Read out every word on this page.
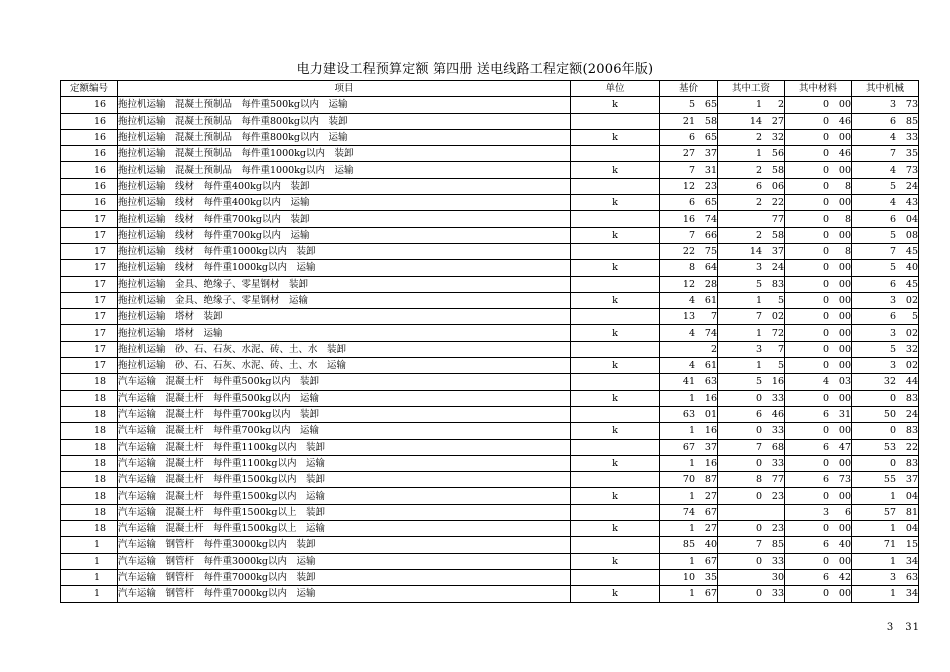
电力建设工程预算定额 第四册 送电线路工程定额(2006年版)
定额编号	项目	单位	基价	其中工资	其中材料	其中机械
16	拖拉机运输　混凝土预制品　每件重500kg以内　运输	k	5 65	1 2	0 00	3 73
16	拖拉机运输　混凝土预制品　每件重800kg以内　装卸		21 58	14 27	0 46	6 85
16	拖拉机运输　混凝土预制品　每件重800kg以内　运输	k	6 65	2 32	0 00	4 33
16	拖拉机运输　混凝土预制品　每件重1000kg以内　装卸		27 37	1 56	0 46	7 35
16	拖拉机运输　混凝土预制品　每件重1000kg以内　运输	k	7 31	2 58	0 00	4 73
16	拖拉机运输　线材　每件重400kg以内　装卸		12 23	6 06	0 8	5 24
16	拖拉机运输　线材　每件重400kg以内　运输	k	6 65	2 22	0 00	4 43
17	拖拉机运输　线材　每件重700kg以内　装卸		16 74	77	0 8	6 04
17	拖拉机运输　线材　每件重700kg以内　运输	k	7 66	2 58	0 00	5 08
17	拖拉机运输　线材　每件重1000kg以内　装卸		22 75	14 37	0 8	7 45
17	拖拉机运输　线材　每件重1000kg以内　运输	k	8 64	3 24	0 00	5 40
17	拖拉机运输　金具、绝缘子、零星钢材　装卸		12 28	5 83	0 00	6 45
17	拖拉机运输　金具、绝缘子、零星钢材　运输	k	4 61	1 5	0 00	3 02
17	拖拉机运输　塔材　装卸		13 7	7 02	0 00	6 5
17	拖拉机运输　塔材　运输	k	4 74	1 72	0 00	3 02
17	拖拉机运输　砂、石、石灰、水泥、砖、土、水　装卸		2	3 7	0 00	5 32
17	拖拉机运输　砂、石、石灰、水泥、砖、土、水　运输	k	4 61	1 5	0 00	3 02
18	汽车运输　混凝土杆　每件重500kg以内　装卸		41 63	5 16	4 03	32 44
18	汽车运输　混凝土杆　每件重500kg以内　运输	k	1 16	0 33	0 00	0 83
18	汽车运输　混凝土杆　每件重700kg以内　装卸		63 01	6 46	6 31	50 24
18	汽车运输　混凝土杆　每件重700kg以内　运输	k	1 16	0 33	0 00	0 83
18	汽车运输　混凝土杆　每件重1100kg以内　装卸		67 37	7 68	6 47	53 22
18	汽车运输　混凝土杆　每件重1100kg以内　运输	k	1 16	0 33	0 00	0 83
18	汽车运输　混凝土杆　每件重1500kg以内　装卸		70 87	8 77	6 73	55 37
18	汽车运输　混凝土杆　每件重1500kg以内　运输	k	1 27	0 23	0 00	1 04
18	汽车运输　混凝土杆　每件重1500kg以上　装卸		74 67		3 6	57 81
18	汽车运输　混凝土杆　每件重1500kg以上　运输	k	1 27	0 23	0 00	1 04
1	汽车运输　钢管杆　每件重3000kg以内　装卸		85 40	7 85	6 40	71 15
1	汽车运输　钢管杆　每件重3000kg以内　运输	k	1 67	0 33	0 00	1 34
1	汽车运输　钢管杆　每件重7000kg以内　装卸		10 35	30	6 42	3 63
1	汽车运输　钢管杆　每件重7000kg以内　运输	k	1 67	0 33	0 00	1 34
3　31
